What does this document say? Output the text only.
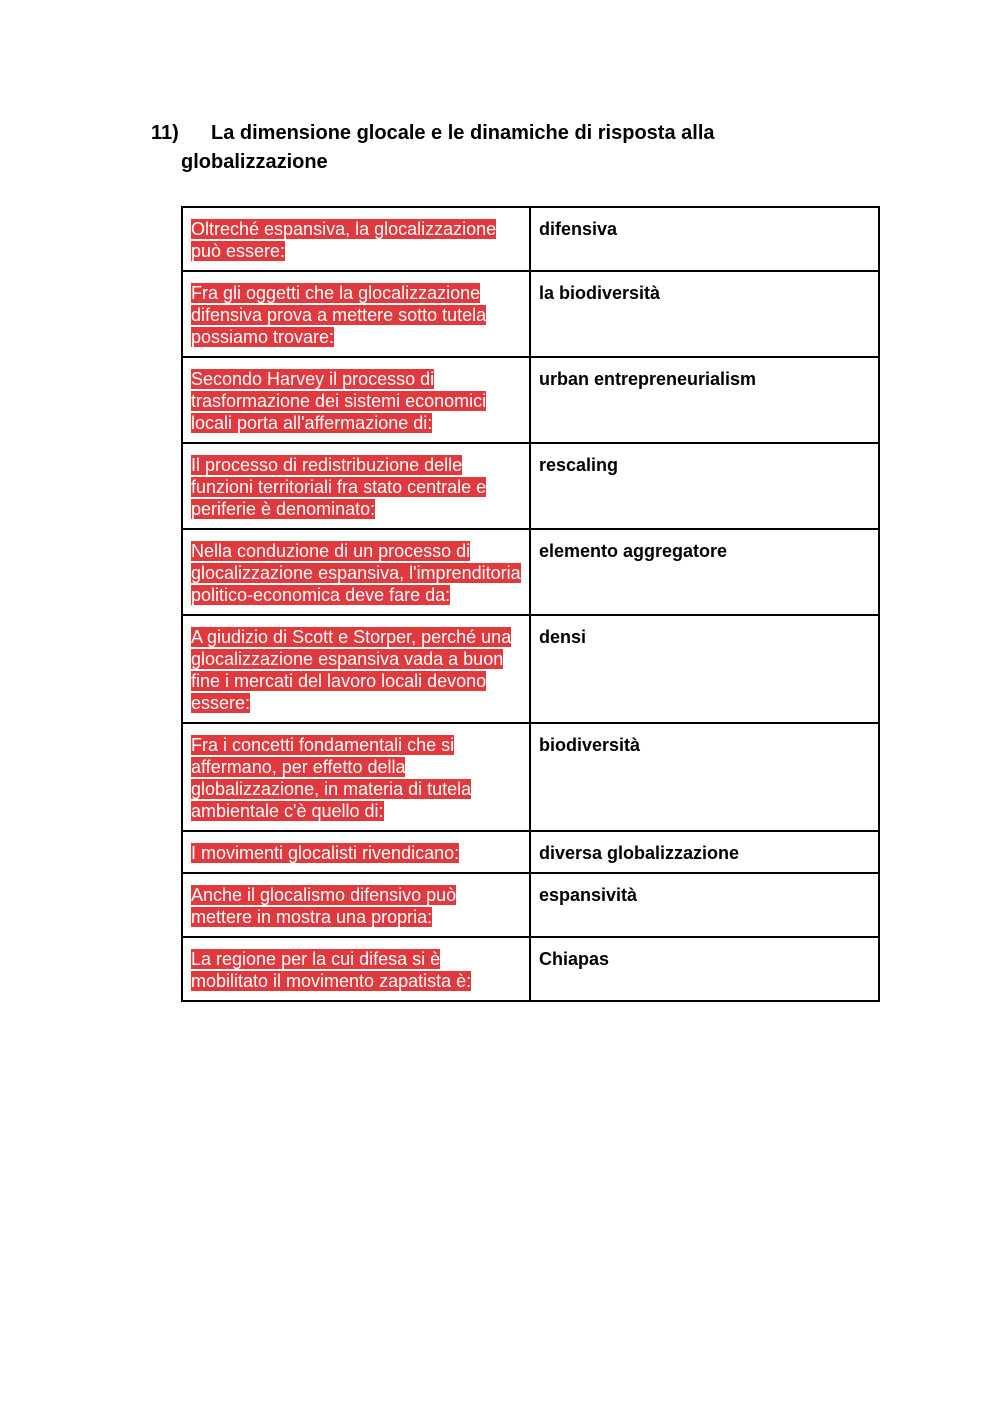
11) La dimensione glocale e le dinamiche di risposta alla
globalizzazione
Oltreché espansiva, la glocalizzazione può essere:	difensiva
Fra gli oggetti che la glocalizzazione difensiva prova a mettere sotto tutela possiamo trovare:	la biodiversità
Secondo Harvey il processo di trasformazione dei sistemi economici locali porta all'affermazione di:	urban entrepreneurialism
Il processo di redistribuzione delle funzioni territoriali fra stato centrale e periferie è denominato:	rescaling
Nella conduzione di un processo di glocalizzazione espansiva, l'imprenditoria politico-economica deve fare da:	elemento aggregatore
A giudizio di Scott e Storper, perché una glocalizzazione espansiva vada a buon fine i mercati del lavoro locali devono essere:	densi
Fra i concetti fondamentali che si affermano, per effetto della globalizzazione, in materia di tutela ambientale c'è quello di:	biodiversità
I movimenti glocalisti rivendicano:	diversa globalizzazione
Anche il glocalismo difensivo può mettere in mostra una propria:	espansività
La regione per la cui difesa si è mobilitato il movimento zapatista è:	Chiapas
